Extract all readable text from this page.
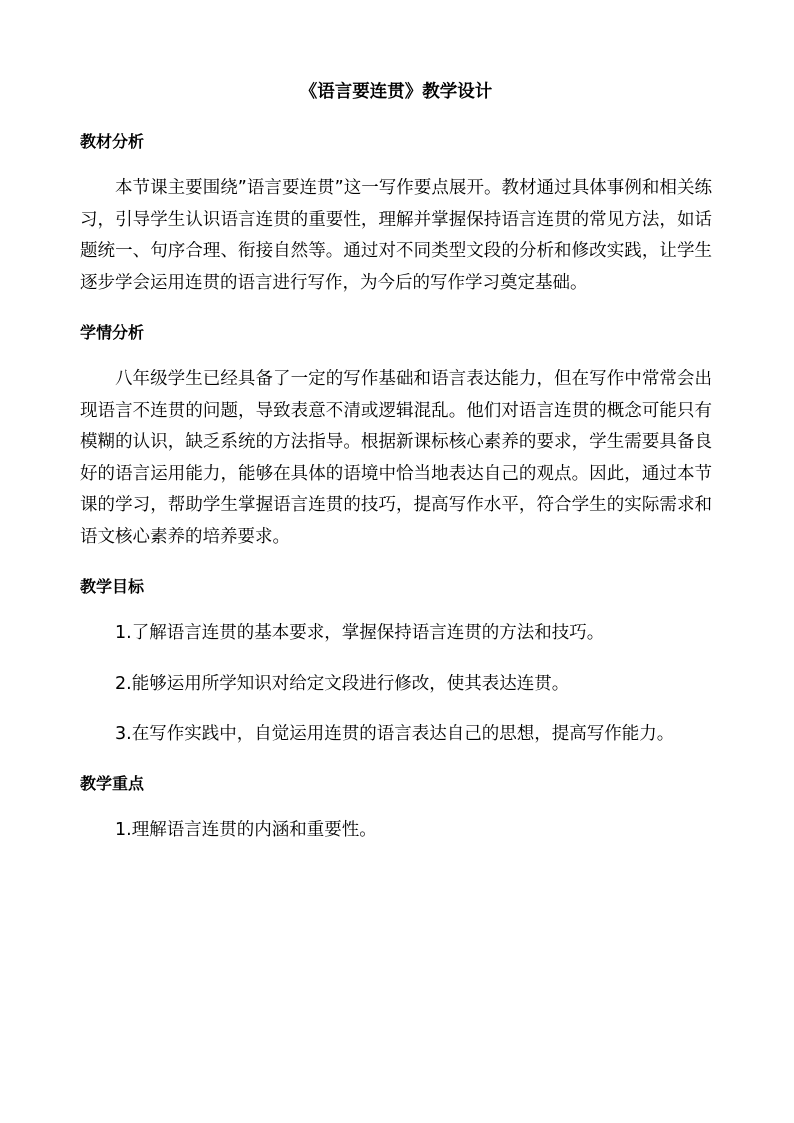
《语言要连贯》教学设计
教材分析

本节课主要围绕”语言要连贯”这一写作要点展开。教材通过具体事例和相关练习，引导学生认识语言连贯的重要性，理解并掌握保持语言连贯的常见方法，如话题统一、句序合理、衔接自然等。通过对不同类型文段的分析和修改实践，让学生逐步学会运用连贯的语言进行写作，为今后的写作学习奠定基础。

学情分析

八年级学生已经具备了一定的写作基础和语言表达能力，但在写作中常常会出现语言不连贯的问题，导致表意不清或逻辑混乱。他们对语言连贯的概念可能只有模糊的认识，缺乏系统的方法指导。根据新课标核心素养的要求，学生需要具备良好的语言运用能力，能够在具体的语境中恰当地表达自己的观点。因此，通过本节课的学习，帮助学生掌握语言连贯的技巧，提高写作水平，符合学生的实际需求和语文核心素养的培养要求。

教学目标

1.了解语言连贯的基本要求，掌握保持语言连贯的方法和技巧。

2.能够运用所学知识对给定文段进行修改，使其表达连贯。

3.在写作实践中，自觉运用连贯的语言表达自己的思想，提高写作能力。

教学重点

1.理解语言连贯的内涵和重要性。
